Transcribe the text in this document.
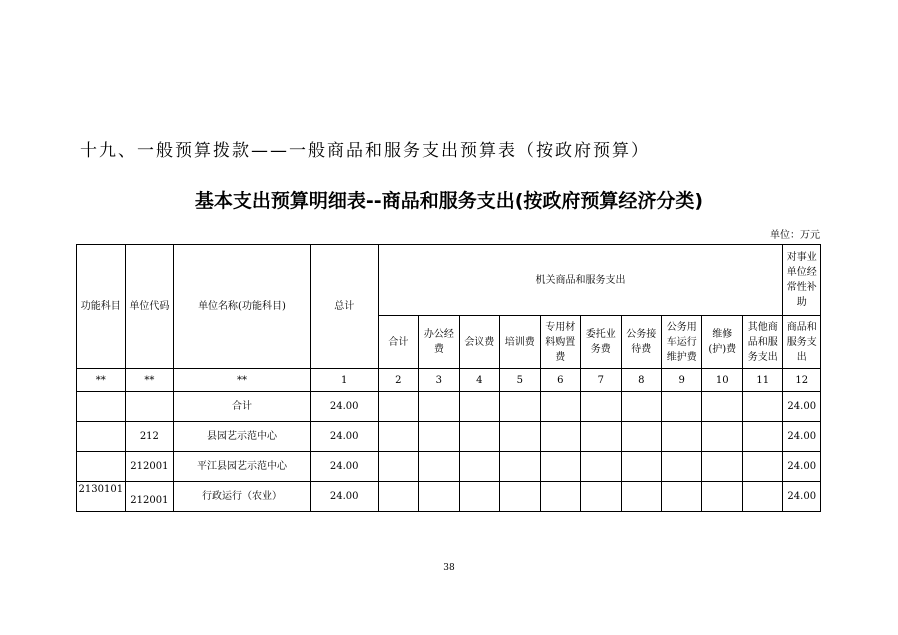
十九、一般预算拨款——一般商品和服务支出预算表（按政府预算）
基本支出预算明细表--商品和服务支出(按政府预算经济分类)
单位：万元
功能科目	单位代码	单位名称(功能科目)	总计	机关商品和服务支出										对事业
单位经
常性补
助

				合计	办公经
费	会议费	培训费	专用材
料购置
费	委托业
务费	公务接
待费	公务用
车运行
维护费	维修
(护)费	其他商
品和服
务支出	商品和
服务支
出

**	**	**	1	2	3	4	5	6	7	8	9	10	11	12
		合计	24.00											24.00
	212	县园艺示范中心	24.00											24.00
	212001	平江县园艺示范中心	24.00											24.00
2130101	212001	行政运行（农业）	24.00											24.00
38
